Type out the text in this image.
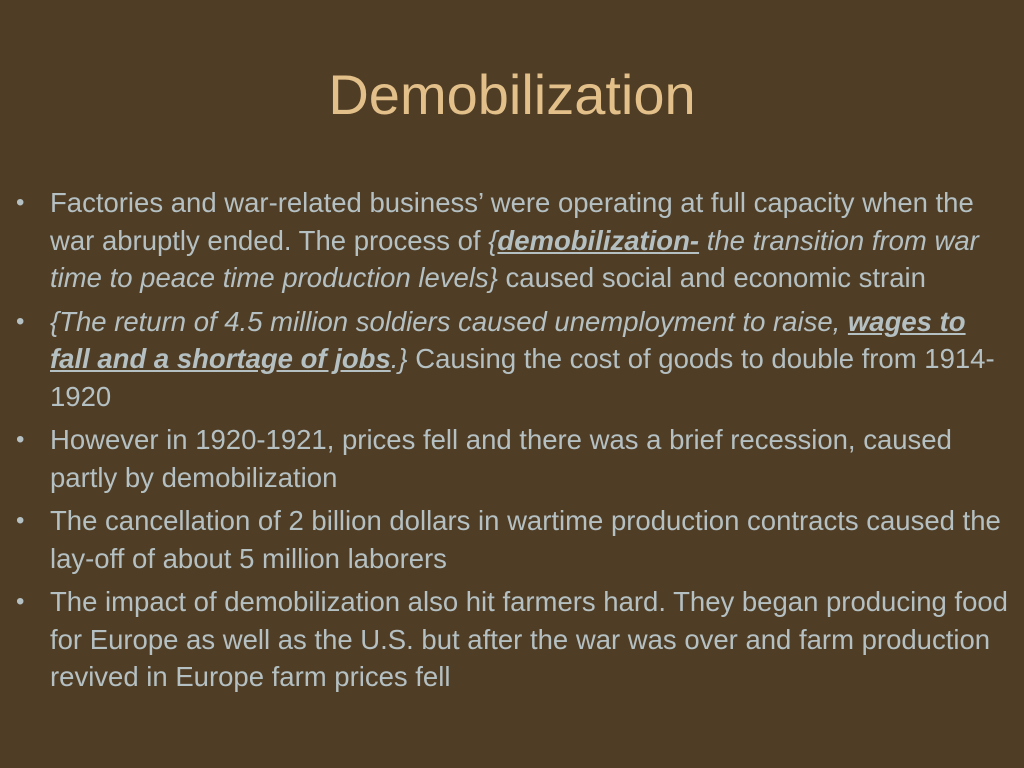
Demobilization
• Factories and war-related business’ were operating at full capacity when the war abruptly ended. The process of {demobilization- the transition from war time to peace time production levels} caused social and economic strain
• {The return of 4.5 million soldiers caused unemployment to raise, wages to fall and a shortage of jobs.} Causing the cost of goods to double from 1914-1920
• However in 1920-1921, prices fell and there was a brief recession, caused partly by demobilization
• The cancellation of 2 billion dollars in wartime production contracts caused the lay-off of about 5 million laborers
• The impact of demobilization also hit farmers hard. They began producing food for Europe as well as the U.S. but after the war was over and farm production revived in Europe farm prices fell
